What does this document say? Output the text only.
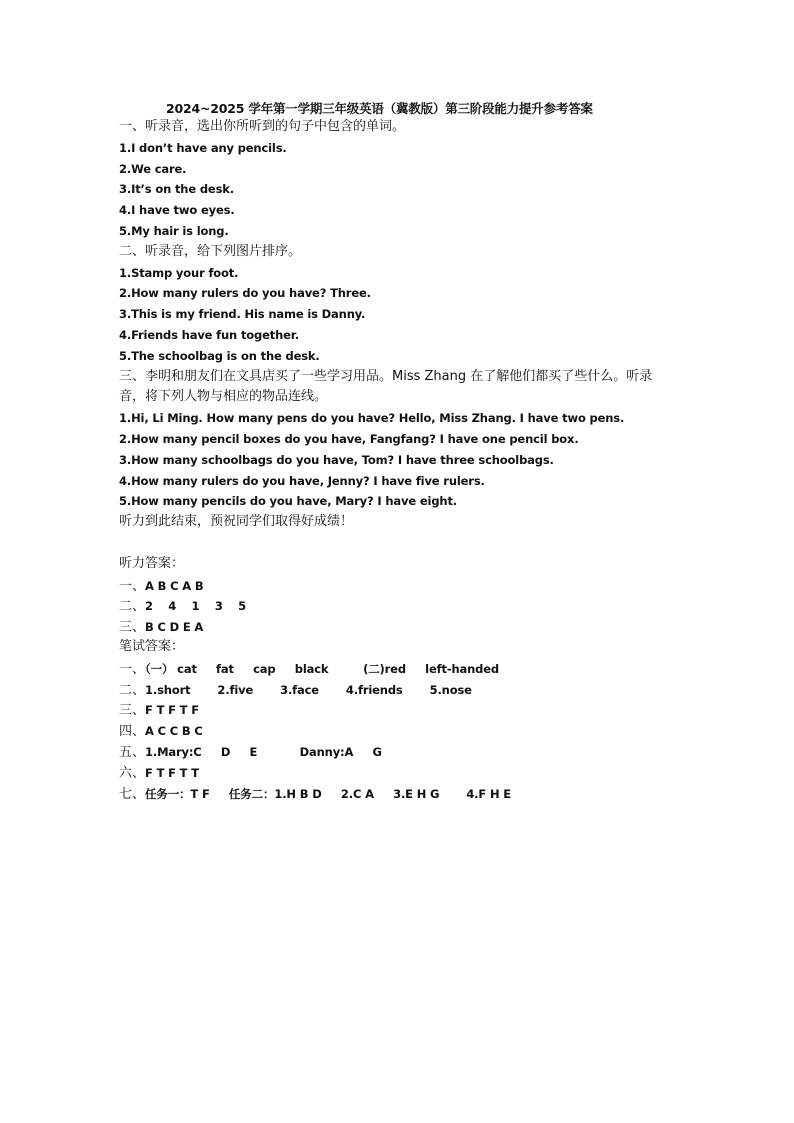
2024~2025 学年第一学期三年级英语（冀教版）第三阶段能力提升参考答案
一、听录音，选出你所听到的句子中包含的单词。
1.I don’t have any pencils.
2.We care.
3.It’s on the desk.
4.I have two eyes.
5.My hair is long.
二、听录音，给下列图片排序。
1.Stamp your foot.
2.How many rulers do you have? Three.
3.This is my friend. His name is Danny.
4.Friends have fun together.
5.The schoolbag is on the desk.
三、李明和朋友们在文具店买了一些学习用品。Miss Zhang 在了解他们都买了些什么。听录
音，将下列人物与相应的物品连线。
1.Hi, Li Ming. How many pens do you have? Hello, Miss Zhang. I have two pens.
2.How many pencil boxes do you have, Fangfang? I have one pencil box.
3.How many schoolbags do you have, Tom? I have three schoolbags.
4.How many rulers do you have, Jenny? I have five rulers.
5.How many pencils do you have, Mary? I have eight.
听力到此结束，预祝同学们取得好成绩！
听力答案：
一、A B C A B
二、2    4    1    3    5
三、B C D E A
笔试答案：
一、（一） cat     fat     cap     black         (二)red     left-handed
二、1.short       2.five       3.face       4.friends       5.nose
三、F T F T F
四、A C C B C
五、1.Mary:C     D     E           Danny:A     G
六、F T F T T
七、任务一：T F     任务二：1.H B D     2.C A     3.E H G       4.F H E
